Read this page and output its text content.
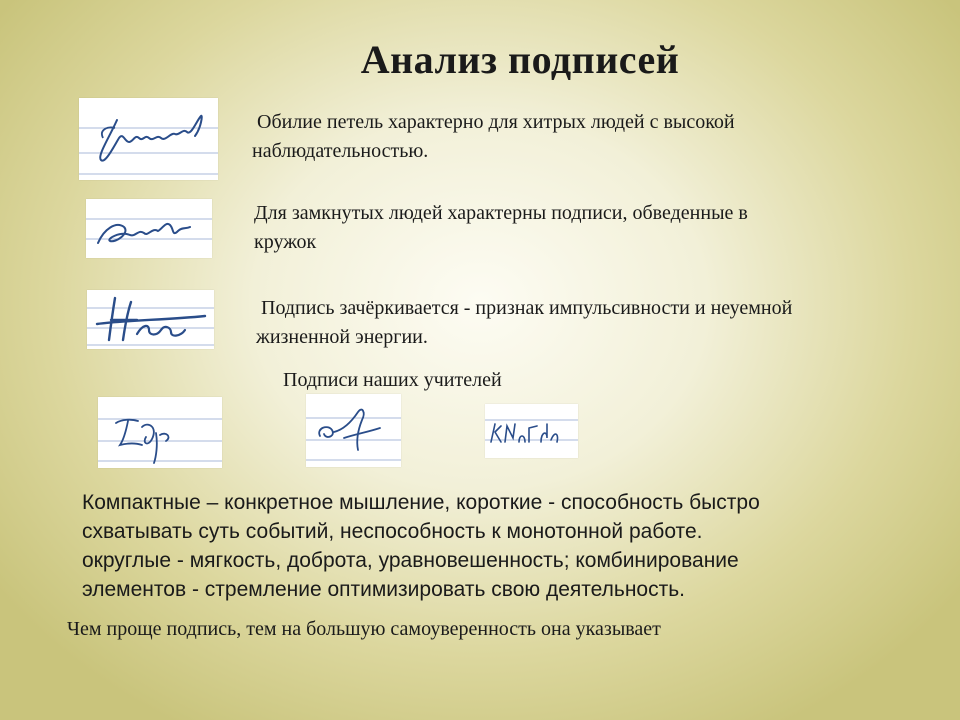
Анализ подписей
Обилие петель характерно для хитрых людей с высокой
наблюдательностью.
Для замкнутых людей характерны подписи, обведенные в
кружок
Подпись зачёркивается - признак импульсивности и неуемной
жизненной энергии.
Подписи наших учителей
Компактные – конкретное мышление, короткие - способность быстро
схватывать суть событий, неспособность к монотонной работе.
округлые - мягкость, доброта, уравновешенность; комбинирование
элементов - стремление оптимизировать свою деятельность.
Чем проще подпись, тем на большую самоуверенность она указывает
